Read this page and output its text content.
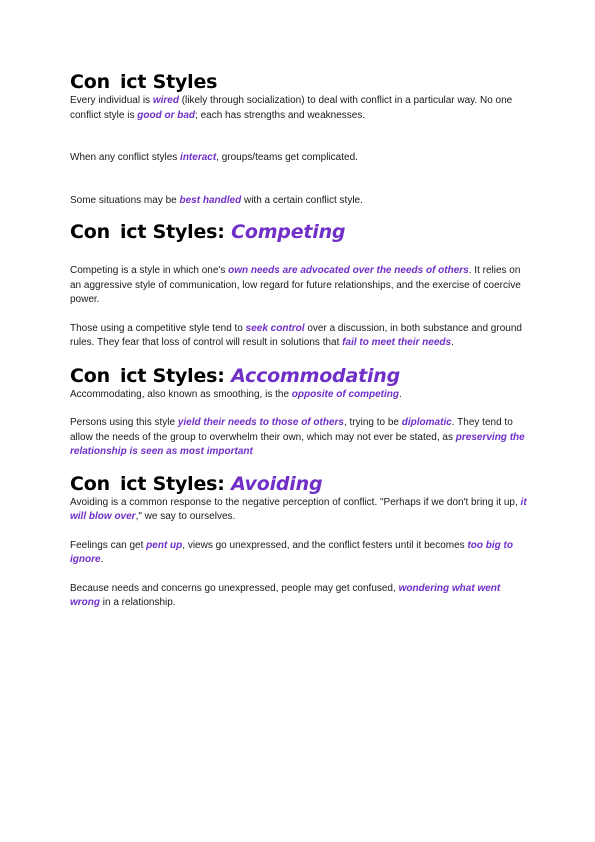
Con ict Styles

Every individual is wired (likely through socialization) to deal with conflict in a particular way. No one conflict style is good or bad; each has strengths and weaknesses.

When any conflict styles interact, groups/teams get complicated.

Some situations may be best handled with a certain conflict style.

Con ict Styles: Competing

Competing is a style in which one's own needs are advocated over the needs of others. It relies on an aggressive style of communication, low regard for future relationships, and the exercise of coercive power.

Those using a competitive style tend to seek control over a discussion, in both substance and ground rules. They fear that loss of control will result in solutions that fail to meet their needs.

Con ict Styles: Accommodating

Accommodating, also known as smoothing, is the opposite of competing.

Persons using this style yield their needs to those of others, trying to be diplomatic. They tend to allow the needs of the group to overwhelm their own, which may not ever be stated, as preserving the relationship is seen as most important

Con ict Styles: Avoiding

Avoiding is a common response to the negative perception of conflict. "Perhaps if we don't bring it up, it will blow over," we say to ourselves.

Feelings can get pent up, views go unexpressed, and the conflict festers until it becomes too big to ignore.

Because needs and concerns go unexpressed, people may get confused, wondering what went wrong in a relationship.
